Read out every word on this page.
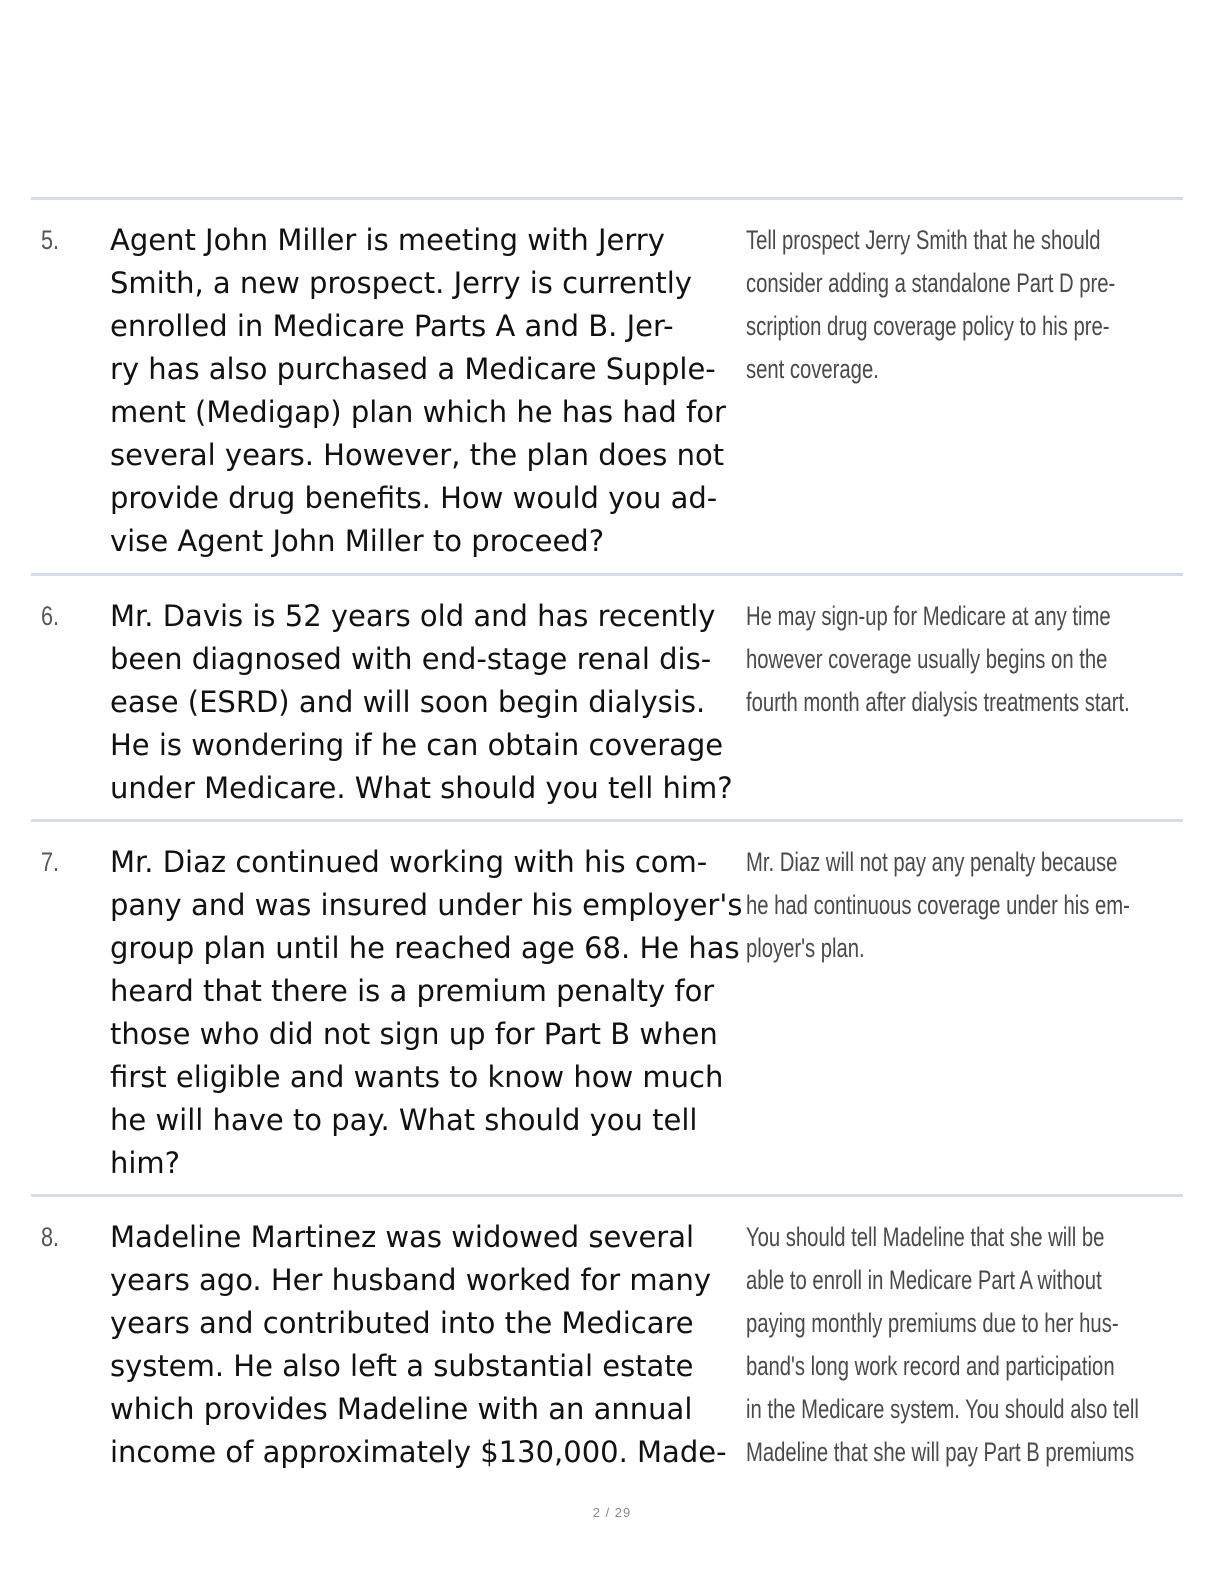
5. Agent John Miller is meeting with Jerry
Smith, a new prospect. Jerry is currently
enrolled in Medicare Parts A and B. Jer-
ry has also purchased a Medicare Supple-
ment (Medigap) plan which he has had for
several years. However, the plan does not
provide drug benefits. How would you ad-
vise Agent John Miller to proceed?
Tell prospect Jerry Smith that he should
consider adding a standalone Part D pre-
scription drug coverage policy to his pre-
sent coverage.
6. Mr. Davis is 52 years old and has recently
been diagnosed with end-stage renal dis-
ease (ESRD) and will soon begin dialysis.
He is wondering if he can obtain coverage
under Medicare. What should you tell him?
He may sign-up for Medicare at any time
however coverage usually begins on the
fourth month after dialysis treatments start.
7. Mr. Diaz continued working with his com-
pany and was insured under his employer's
group plan until he reached age 68. He has
heard that there is a premium penalty for
those who did not sign up for Part B when
first eligible and wants to know how much
he will have to pay. What should you tell
him?
Mr. Diaz will not pay any penalty because
he had continuous coverage under his em-
ployer's plan.
8. Madeline Martinez was widowed several
years ago. Her husband worked for many
years and contributed into the Medicare
system. He also left a substantial estate
which provides Madeline with an annual
income of approximately $130,000. Made-
You should tell Madeline that she will be
able to enroll in Medicare Part A without
paying monthly premiums due to her hus-
band's long work record and participation
in the Medicare system. You should also tell
Madeline that she will pay Part B premiums
2 / 29
